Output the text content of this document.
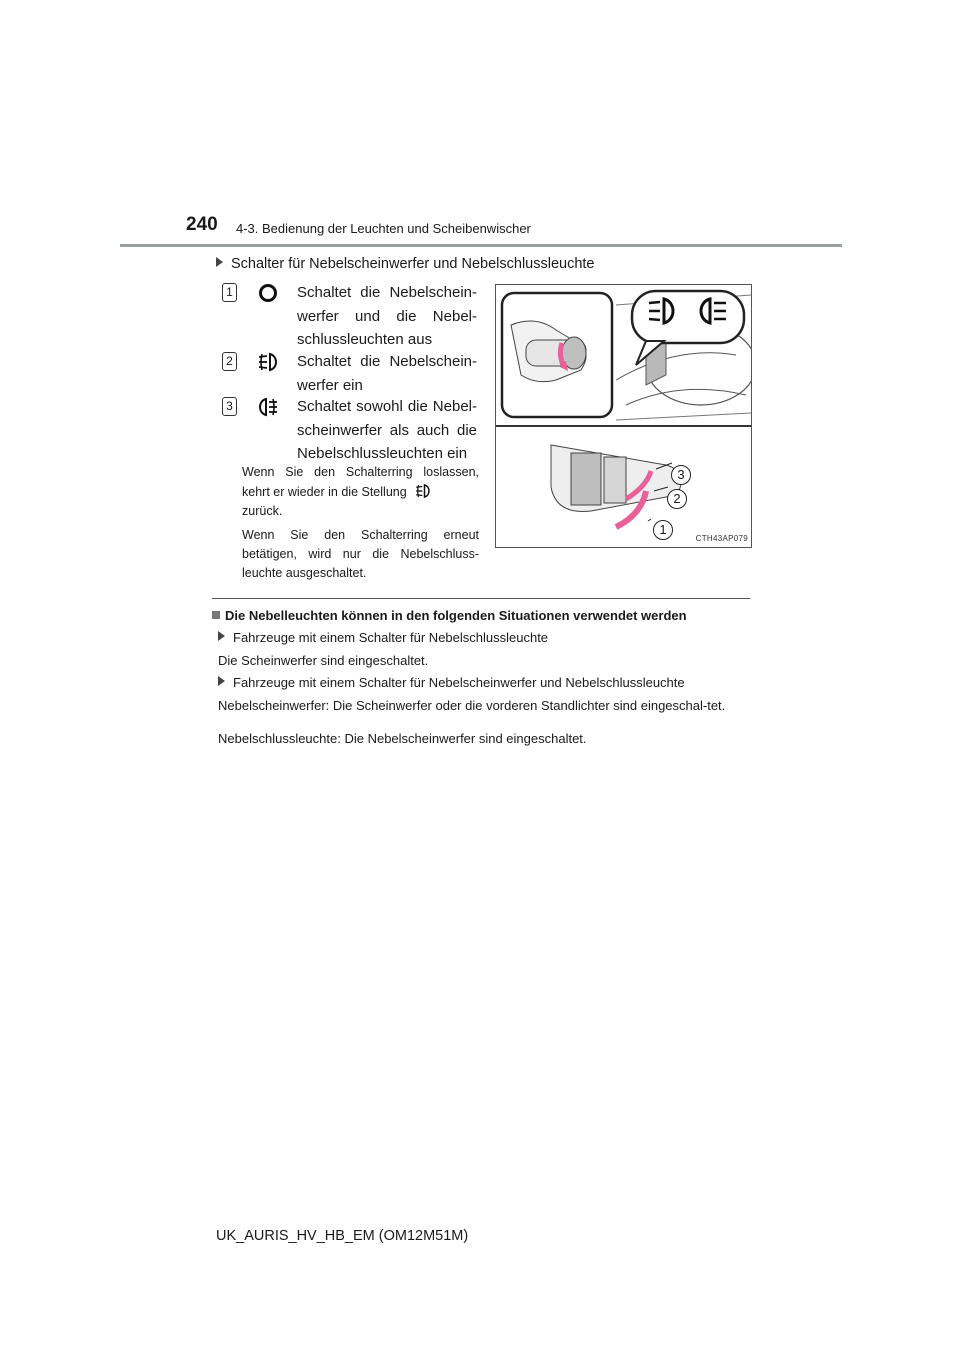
240 4-3. Bedienung der Leuchten und Scheibenwischer
Schalter für Nebelscheinwerfer und Nebelschlussleuchte
1	Schaltet die Nebelschein-werfer und die Nebel-schlussleuchten aus
2	Schaltet die Nebelschein-werfer ein
3	Schaltet sowohl die Nebel-scheinwerfer als auch die Nebelschlussleuchten ein
Wenn Sie den Schalterring loslassen, kehrt er wieder in die Stellung
zurück.
Wenn Sie den Schalterring erneut betätigen, wird nur die Nebelschluss-leuchte ausgeschaltet.
3
2
1
CTH43AP079
Die Nebelleuchten können in den folgenden Situationen verwendet werden
Fahrzeuge mit einem Schalter für Nebelschlussleuchte
Die Scheinwerfer sind eingeschaltet.
Fahrzeuge mit einem Schalter für Nebelscheinwerfer und Nebelschlussleuchte
Nebelscheinwerfer: Die Scheinwerfer oder die vorderen Standlichter sind eingeschal-tet.
Nebelschlussleuchte: Die Nebelscheinwerfer sind eingeschaltet.
UK_AURIS_HV_HB_EM (OM12M51M)
